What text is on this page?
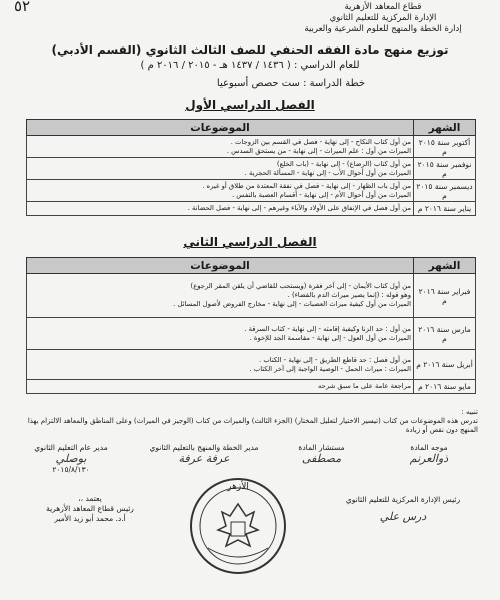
٥٢	قطاع المعاهد الأزهرية
الإدارة المركزية للتعليم الثانوي
إدارة الخطة والمنهج للعلوم الشرعية والعربية
توزيع منهج مادة الفقه الحنفي للصف الثالث الثانوي (القسم الأدبي)
للعام الدراسي : ( ١٤٣٦ / ١٤٣٧ هـ - ٢٠١٥ / ٢٠١٦ م )
خطة الدراسة : ست حصص أسبوعيا
الفصل الدراسي الأول
الشهر	الموضوعات
أكتوبر سنة ٢٠١٥ م	من أول كتاب النكاح - إلى نهاية - فصل في القسم بين الزوجات .
الميراث من أول : علم الميراث - إلى نهاية - من يستحق السدس .

نوفمبر سنة ٢٠١٥ م	من أول كتاب (الرضاع) - إلى نهاية - (باب الخلع)
الميراث من أول أحوال الأب - إلى نهاية - المسألة الحجرية .

ديسمبر سنة ٢٠١٥ م	من أول باب الظهار - إلى نهاية - فصل في نفقة المعتدة من طلاق أو غيره .
الميراث من أول أحوال الأم - إلى نهاية - أقسام العصبة بالنفس .

يناير سنة ٢٠١٦ م	من أول فصل في الإنفاق على الأولاد والآباء وغيرهم - إلى نهاية - فصل الحضانة .
الفصل الدراسي الثاني
الشهر	الموضوعات
فبراير سنة ٢٠١٦ م	من أول كتاب الأيمان - إلى آخر فقرة (ويستحب للقاضي أن يلقن المقر الرجوع)
وهو قوله : (إنما يصير ميراث الدم بالقضاء) .
الميراث من أول كيفية ميراث العصبات - إلى نهاية - مخارج الفروض لأصول المسائل .

مارس سنة ٢٠١٦ م	من أول : حد الزنا وكيفية إقامته - إلى نهاية - كتاب السرقة .
الميراث من أول العول - إلى نهاية - مقاسمة الجد للإخوة .

أبريل سنة ٢٠١٦ م	من أول فصل : حد قاطع الطريق - إلى نهاية - الكتاب .
الميراث : ميراث الحمل - الوصية الواجبة إلى آخر الكتاب .

مايو سنة ٢٠١٦ م	مراجعة عامة على ما سبق شرحه
تنبيه :
تدرس هذه الموضوعات من كتاب (تيسير الاختيار لتعليل المختار) (الجزء الثالث) والميراث من كتاب (الوجيز في الميراث) وعلى المناطق والمعاهد الالتزام بهذا المنهج دون نقص أو زيادة
موجه المادة
ذوالعرنم
مستشار المادة
مصطفى
مدير الخطة والمنهج بالتعليم الثانوي
عرفة عرفة
مدير عام التعليم الثانوي
بوصلي
٢٠١٥/٨/١٣٠
رئيس الإدارة المركزية للتعليم الثانوي
درس علي
يعتمد ،،
رئيس قطاع المعاهد الأزهرية
أ.د. محمد أبو زيد الأمير
الأزهر
